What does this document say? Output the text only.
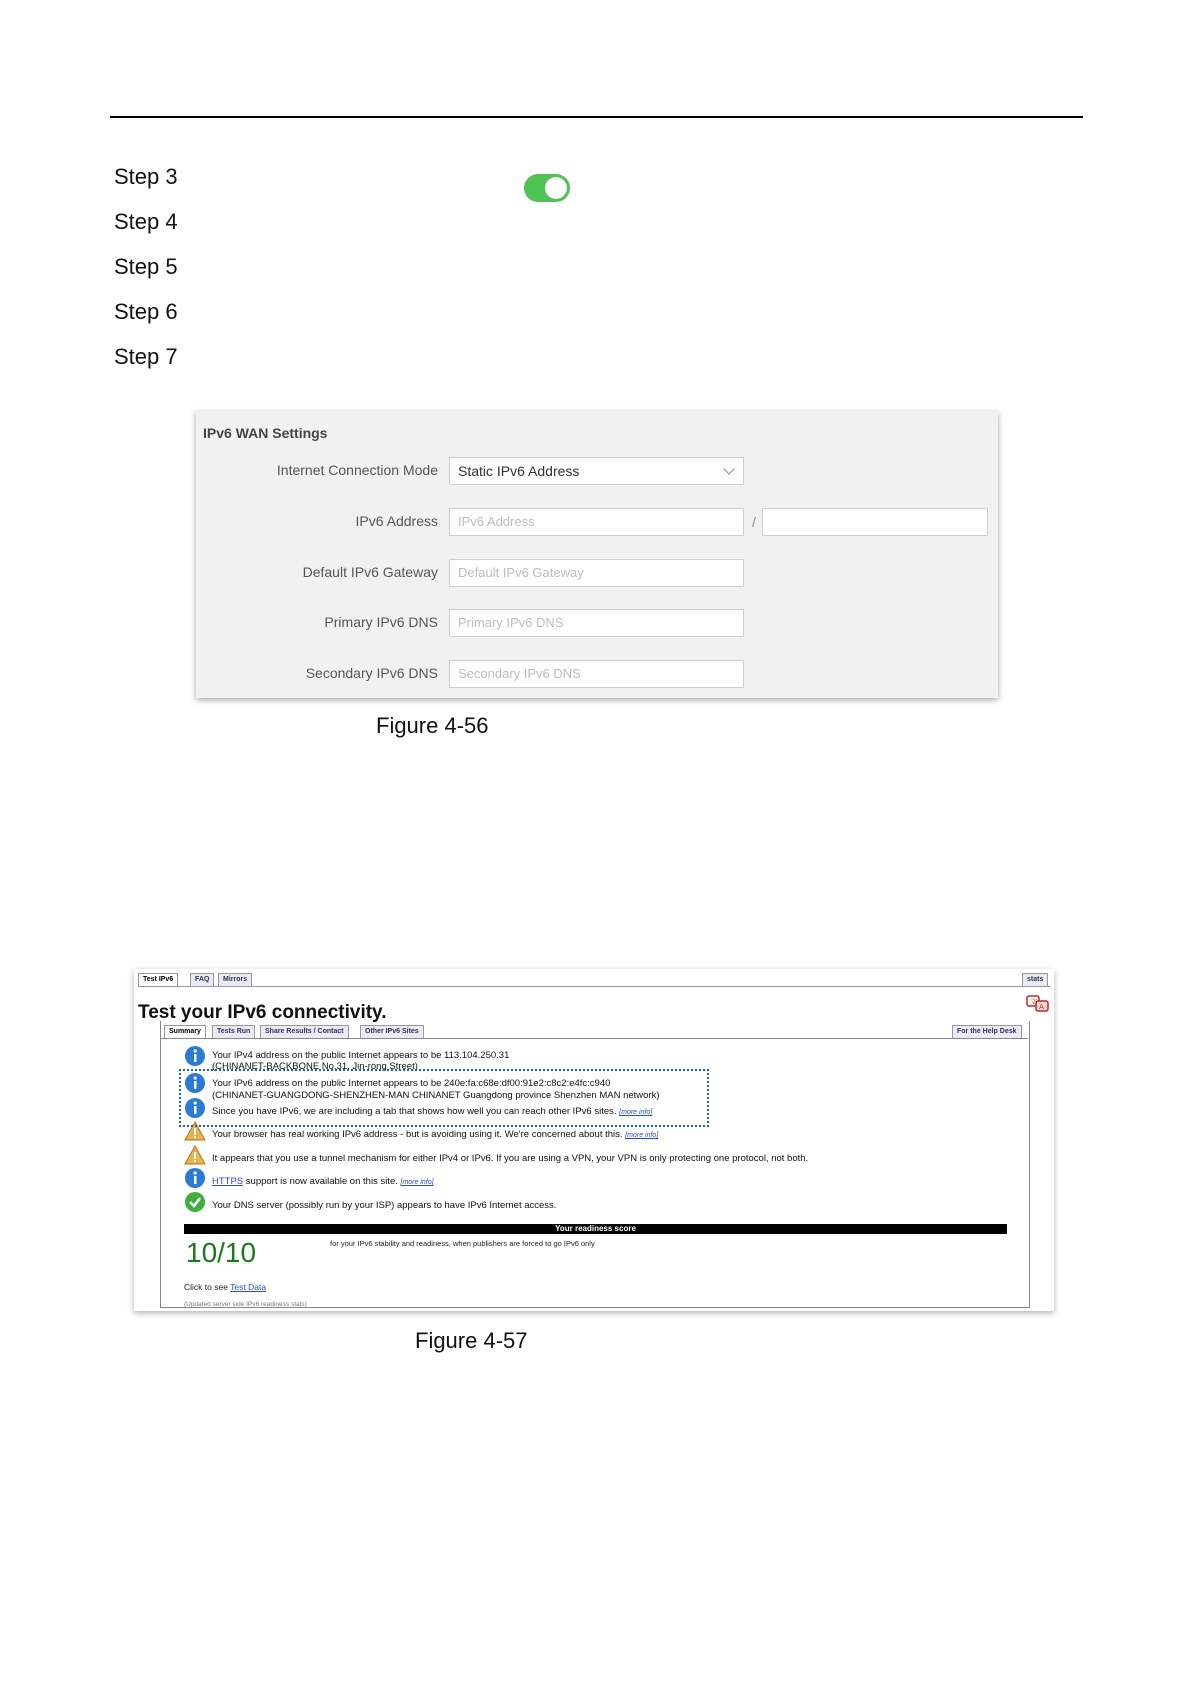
Step 3
Step 4
Step 5
Step 6
Step 7
IPv6 WAN Settings
Internet Connection Mode	Static IPv6 Address
IPv6 Address	IPv6 Address	/
Default IPv6 Gateway	Default IPv6 Gateway
Primary IPv6 DNS	Primary IPv6 DNS
Secondary IPv6 DNS	Secondary IPv6 DNS
Figure 4-56
Test IPv6	FAQ	Mirrors	stats
Test your IPv6 connectivity.	文
A
Summary	Tests Run	Share Results / Contact	Other IPv6 Sites	For the Help Desk
Your IPv4 address on the public Internet appears to be 113.104.250.31
(CHINANET-BACKBONE No.31, Jin-rong Street)
Your IPv6 address on the public Internet appears to be 240e:fa:c68e:df00:91e2:c8c2:e4fc:c940
(CHINANET-GUANGDONG-SHENZHEN-MAN CHINANET Guangdong province Shenzhen MAN network)
Since you have IPv6, we are including a tab that shows how well you can reach other IPv6 sites. [more info]
Your browser has real working IPv6 address - but is avoiding using it. We're concerned about this. [more info]
It appears that you use a tunnel mechanism for either IPv4 or IPv6. If you are using a VPN, your VPN is only protecting one protocol, not both.
HTTPS support is now available on this site. [more info]
Your DNS server (possibly run by your ISP) appears to have IPv6 Internet access.
Your readiness score
10/10	for your IPv6 stability and readiness, when publishers are forced to go IPv6 only
Click to see Test Data
(Updated server side IPv6 readiness stats)
Figure 4-57
